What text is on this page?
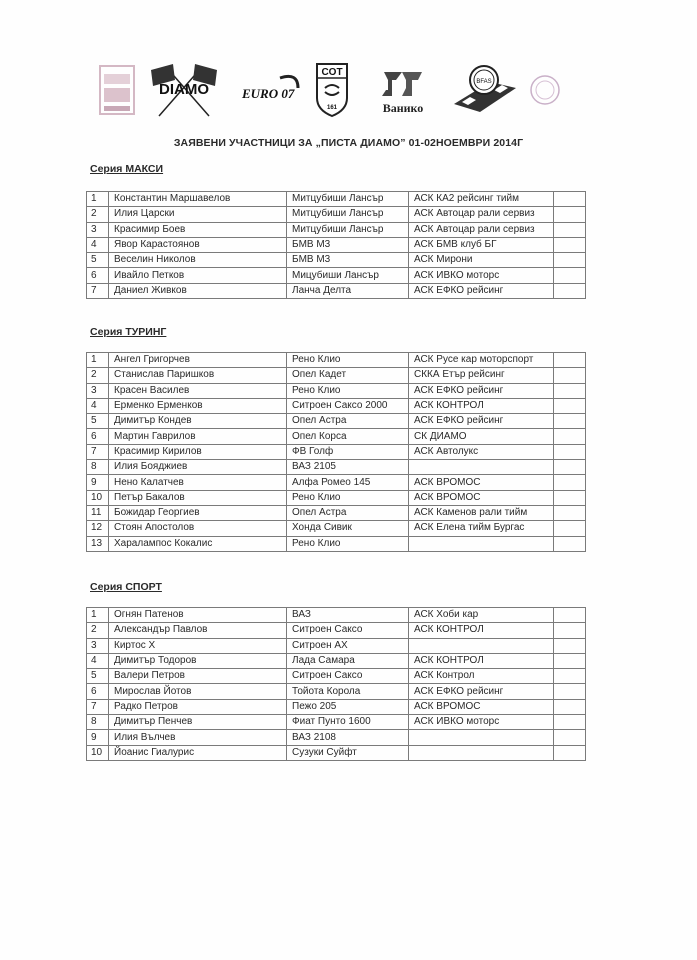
DIAMO	EURO 07
COT
161	Ванико
BFAS
ЗАЯВЕНИ УЧАСТНИЦИ ЗА „ПИСТА ДИАМО” 01-02НОЕМВРИ 2014Г
Серия МАКСИ
1	Константин Маршавелов	Митцубиши Лансър	АСК КА2 рейсинг тийм	
2	Илия Царски	Митцубиши Лансър	АСК Автоцар рали сервиз	
3	Красимир Боев	Митцубиши Лансър	АСК Автоцар рали сервиз	
4	Явор Карастоянов	БМВ М3	АСК БМВ клуб БГ	
5	Веселин Николов	БМВ М3	АСК Мирони	
6	Ивайло Петков	Мицубиши Лансър	АСК ИВКО моторс	
7	Даниел Живков	Ланча Делта	АСК ЕФКО рейсинг	
Серия ТУРИНГ
1	Ангел Григорчев	Рено Клио	АСК Русе кар моторспорт	
2	Станислав Паришков	Опел Кадет	СККА Етър рейсинг	
3	Красен Василев	Рено Клио	АСК ЕФКО рейсинг	
4	Ерменко Ерменков	Ситроен Саксо 2000	АСК КОНТРОЛ	
5	Димитър Кондев	Опел Астра	АСК ЕФКО рейсинг	
6	Мартин Гаврилов	Опел Корса	СК ДИАМО	
7	Красимир Кирилов	ФВ Голф	АСК Автолукс	
8	Илия Бояджиев	ВАЗ 2105		
9	Нено Калатчев	Алфа Ромео 145	АСК ВРОМОС	
10	Петър Бакалов	Рено Клио	АСК ВРОМОС	
11	Божидар Георгиев	Опел Астра	АСК Каменов рали тийм	
12	Стоян Апостолов	Хонда Сивик	АСК Елена тийм Бургас	
13	Харалампос Кокалис	Рено Клио		
Серия СПОРТ
1	Огнян Патенов	ВАЗ	АСК Хоби кар	
2	Александър Павлов	Ситроен Саксо	АСК КОНТРОЛ	
3	Киртос Х	Ситроен АХ		
4	Димитър Тодоров	Лада Самара	АСК КОНТРОЛ	
5	Валери Петров	Ситроен Саксо	АСК Контрол	
6	Мирослав Йотов	Тойота Корола	АСК ЕФКО рейсинг	
7	Радко Петров	Пежо 205	АСК ВРОМОС	
8	Димитър Пенчев	Фиат Пунто 1600	АСК ИВКО моторс	
9	Илия Вълчев	ВАЗ 2108		
10	Йоанис Гиалурис	Сузуки Суйфт		
